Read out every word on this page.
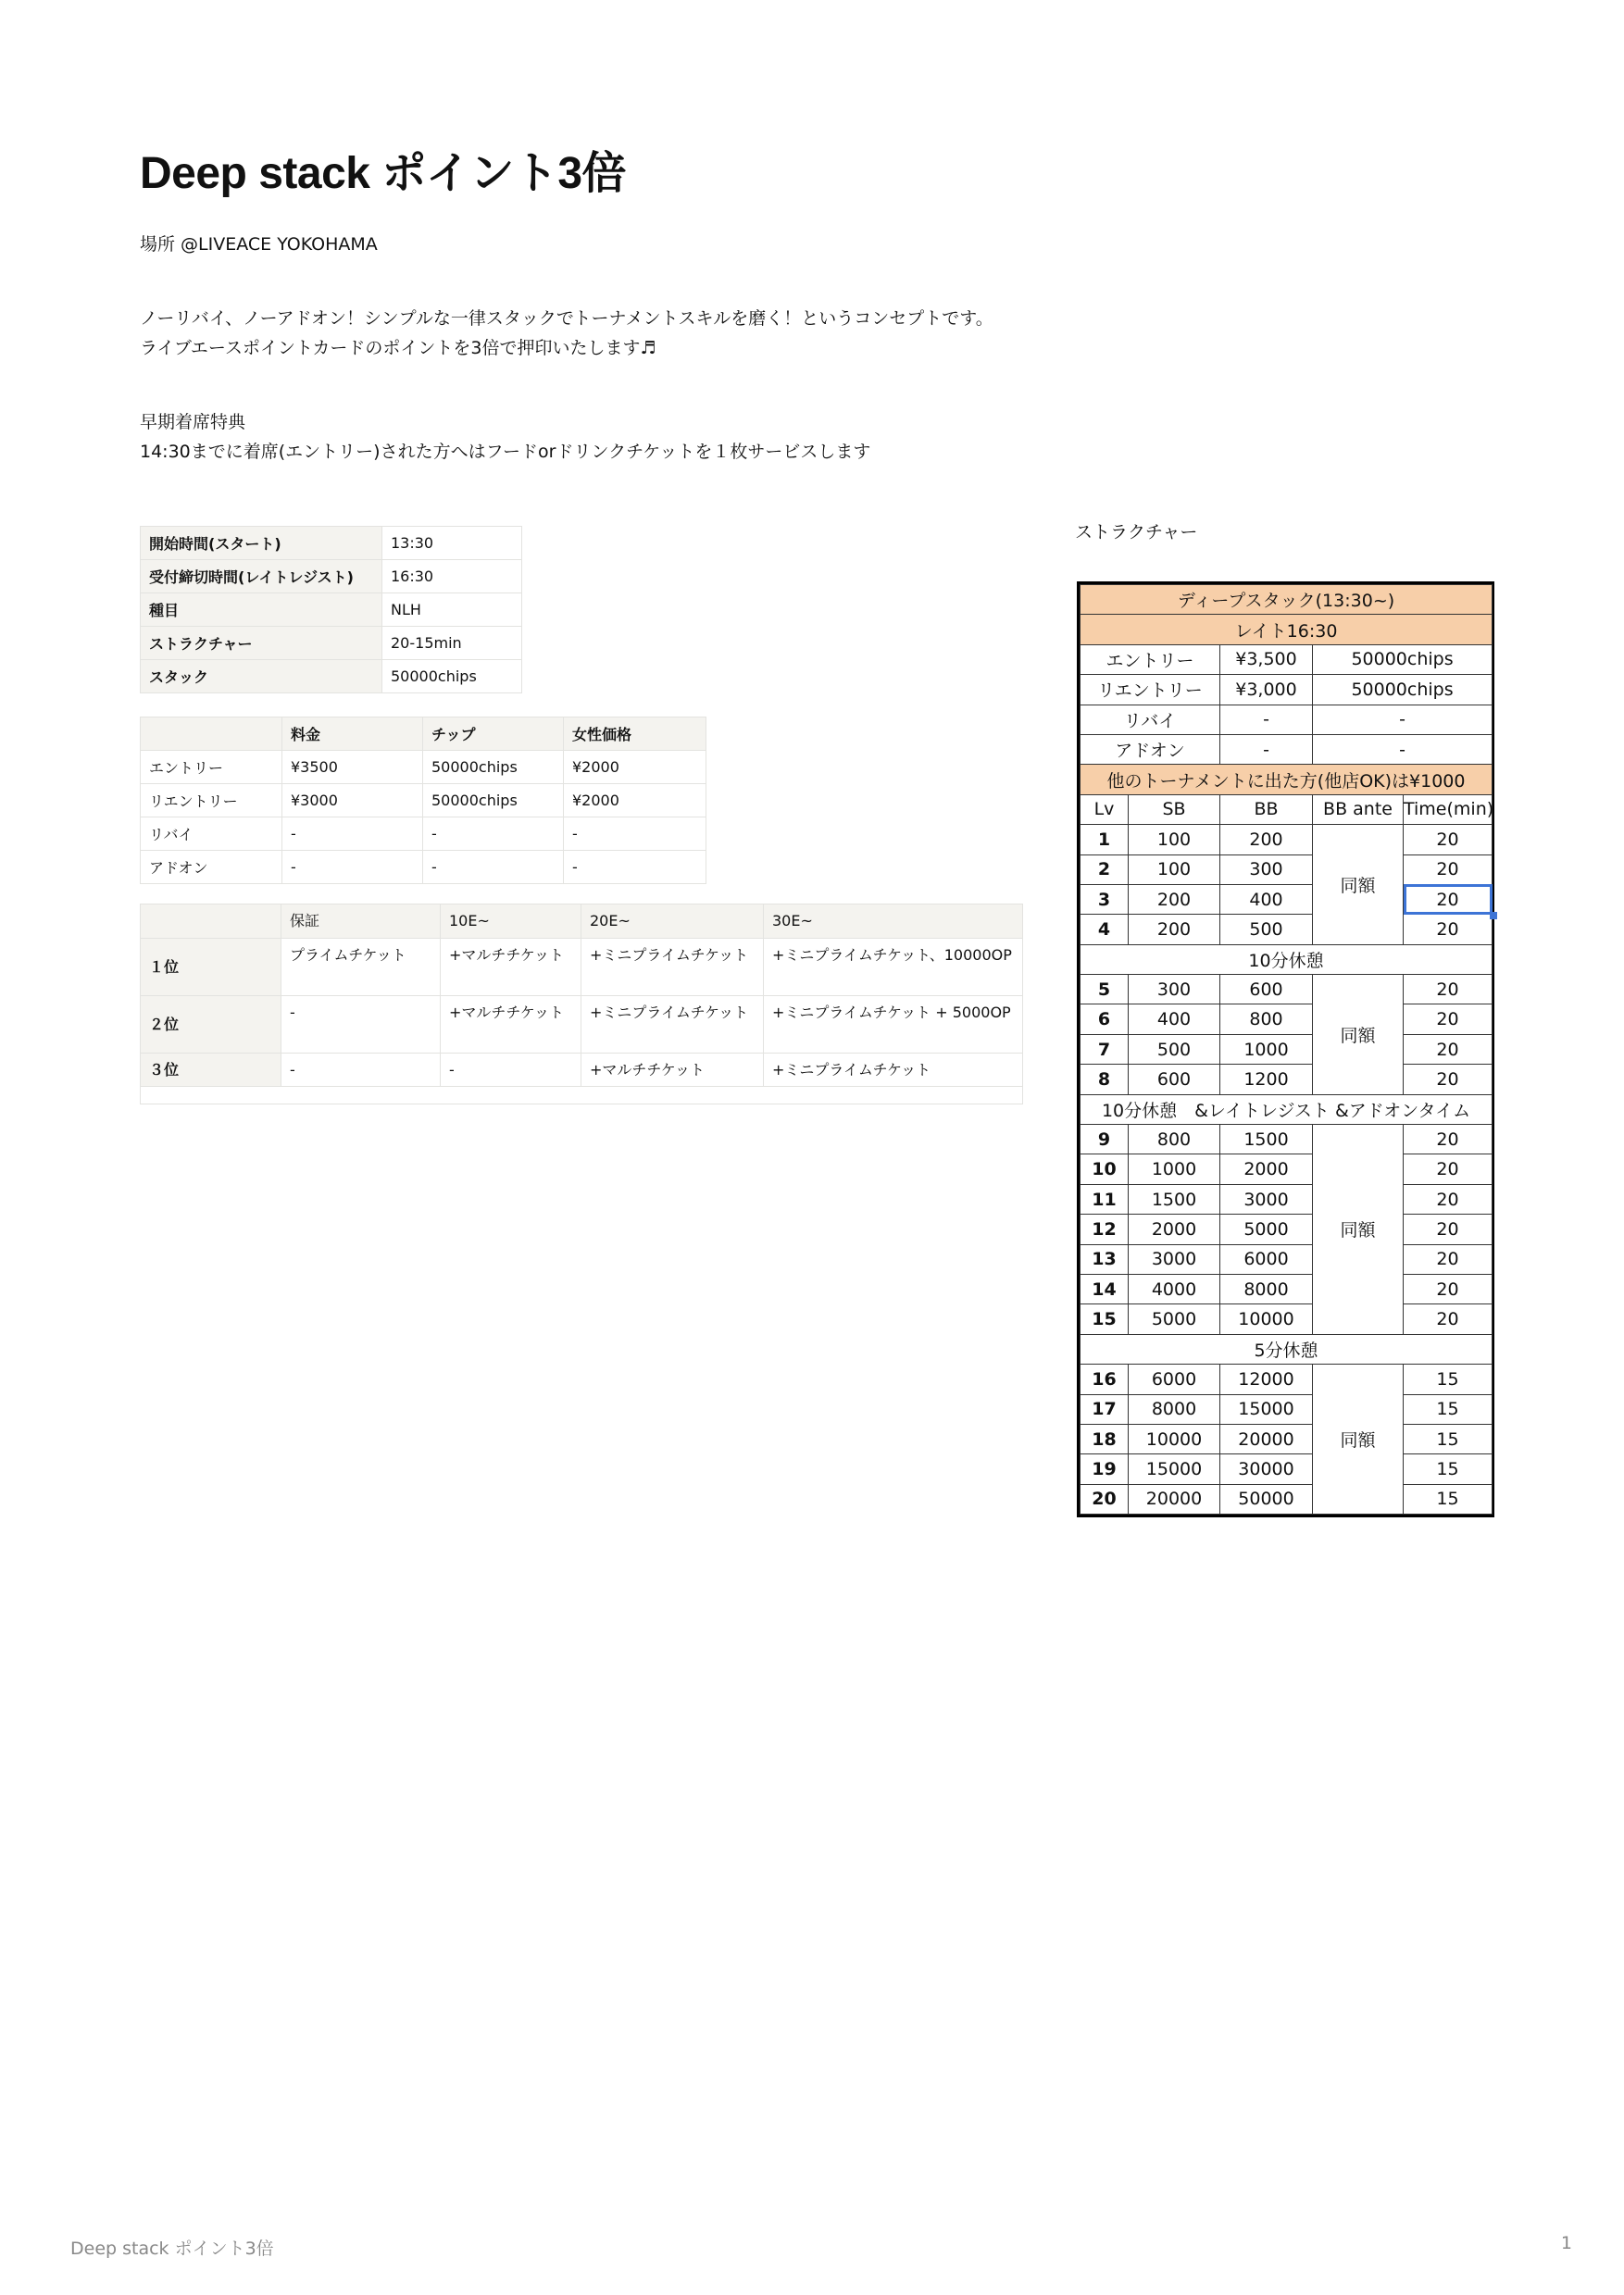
Deep stack ポイント3倍
場所 @LIVEACE YOKOHAMA
ノーリバイ、ノーアドオン！シンプルな一律スタックでトーナメントスキルを磨く！というコンセプトです。
ライブエースポイントカードのポイントを3倍で押印いたします♬
早期着席特典
14:30までに着席(エントリー)された方へはフードorドリンクチケットを１枚サービスします
開始時間(スタート)	13:30
受付締切時間(レイトレジスト)	16:30
種目	NLH
ストラクチャー	20-15min
スタック	50000chips
	料金	チップ	女性価格
エントリー	¥3500	50000chips	¥2000
リエントリー	¥3000	50000chips	¥2000
リバイ	-	-	-
アドオン	-	-	-
	保証	10E~	20E~	30E~
１位	プライムチケット	+マルチチケット	+ミニプライムチケット	+ミニプライムチケット、10000OP
２位	-	+マルチチケット	+ミニプライムチケット	+ミニプライムチケット + 5000OP
３位	-	-	+マルチチケット	+ミニプライムチケット

ストラクチャー
ディープスタック(13:30~)				
レイト16:30				
エントリー		¥3,500	50000chips	
リエントリー		¥3,000	50000chips	
リバイ		-	-	
アドオン		-	-	
他のトーナメントに出た方(他店OK)は¥1000				
Lv	SB	BB	BB ante	Time(min)
1	100	200	同額	20
2	100	300		20
3	200	400		20
4	200	500		20
10分休憩				
5	300	600	同額	20
6	400	800		20
7	500	1000		20
8	600	1200		20
10分休憩　&レイトレジスト &アドオンタイム				
9	800	1500	同額	20
10	1000	2000		20
11	1500	3000		20
12	2000	5000		20
13	3000	6000		20
14	4000	8000		20
15	5000	10000		20
5分休憩				
16	6000	12000	同額	15
17	8000	15000		15
18	10000	20000		15
19	15000	30000		15
20	20000	50000		15
Deep stack ポイント3倍	1
